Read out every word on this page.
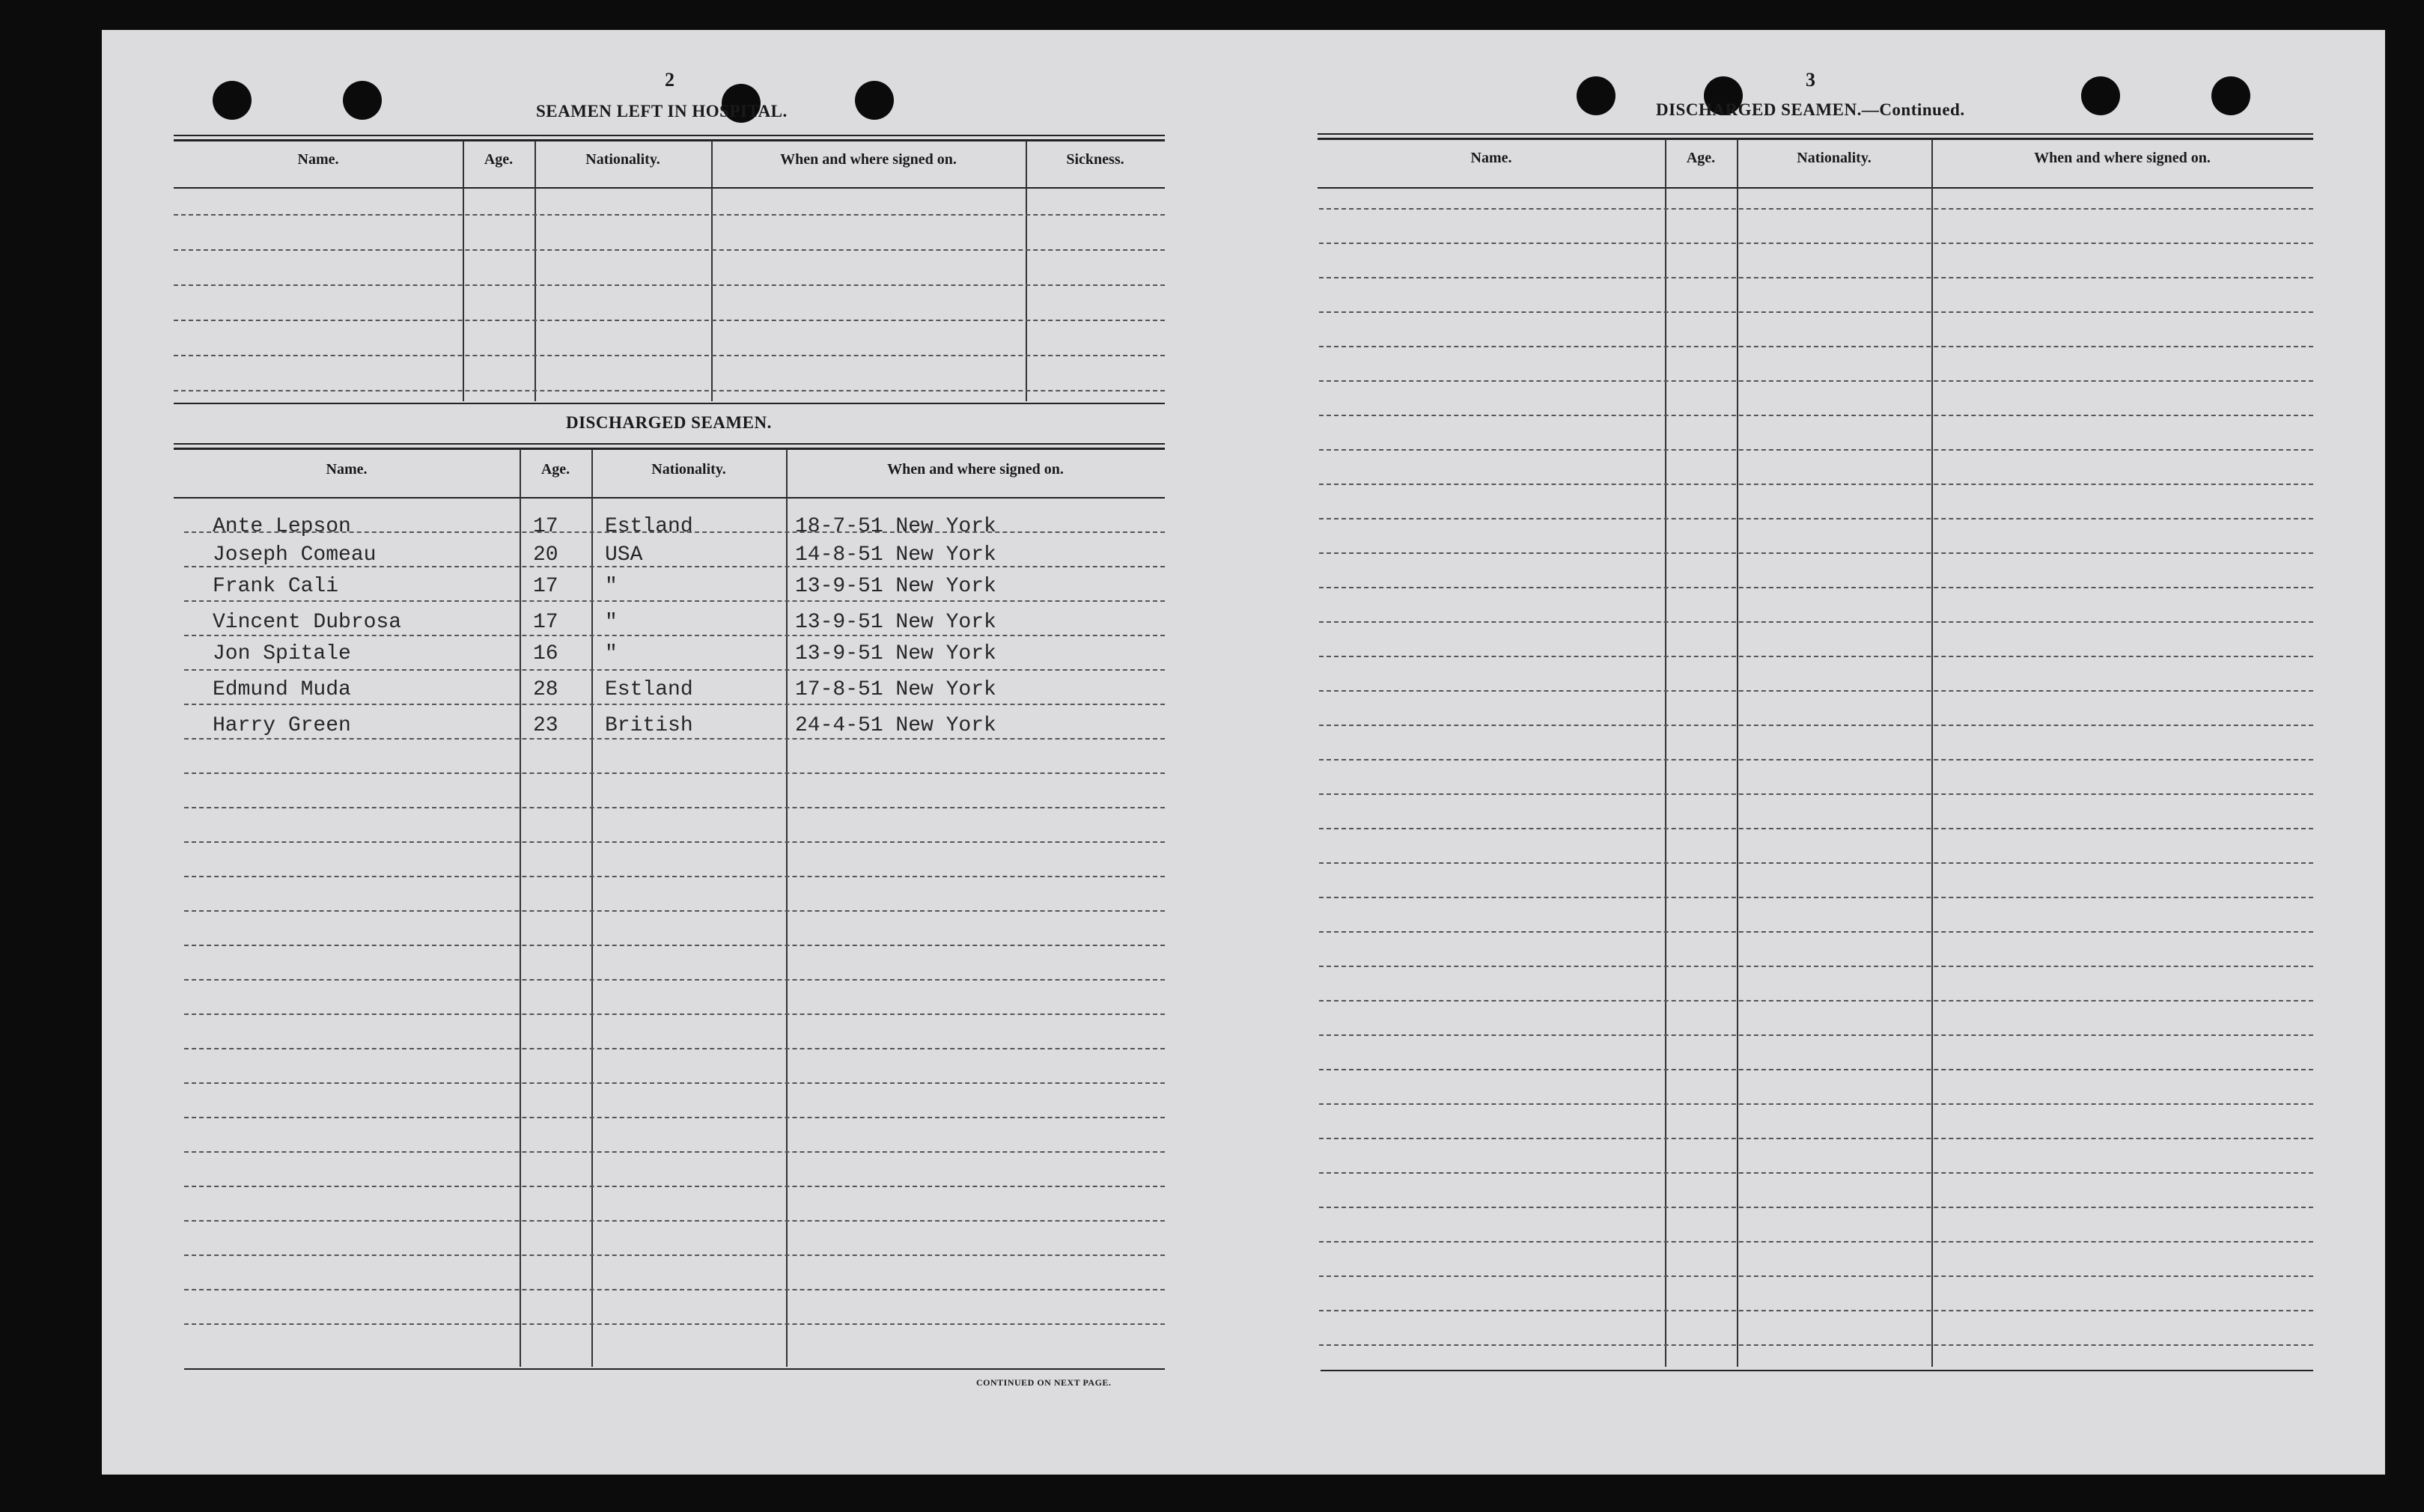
2
SEAMEN LEFT IN HOSPITAL.
Name.	Age.	Nationality.	When and where signed on.	Sickness.
DISCHARGED SEAMEN.
Name.	Age.	Nationality.	When and where signed on.
Ante Lepson	17 Estland	18-7-51 New York
Joseph Comeau	20 USA	14-8-51 New York
Frank Cali	17 "	13-9-51 New York
Vincent Dubrosa	17 "	13-9-51 New York
Jon Spitale	16 "	13-9-51 New York
Edmund Muda	28 Estland	17-8-51 New York
Harry Green	23 British	24-4-51 New York
CONTINUED ON NEXT PAGE.
3
DISCHARGED SEAMEN.—Continued.
Name.	Age.	Nationality.	When and where signed on.
